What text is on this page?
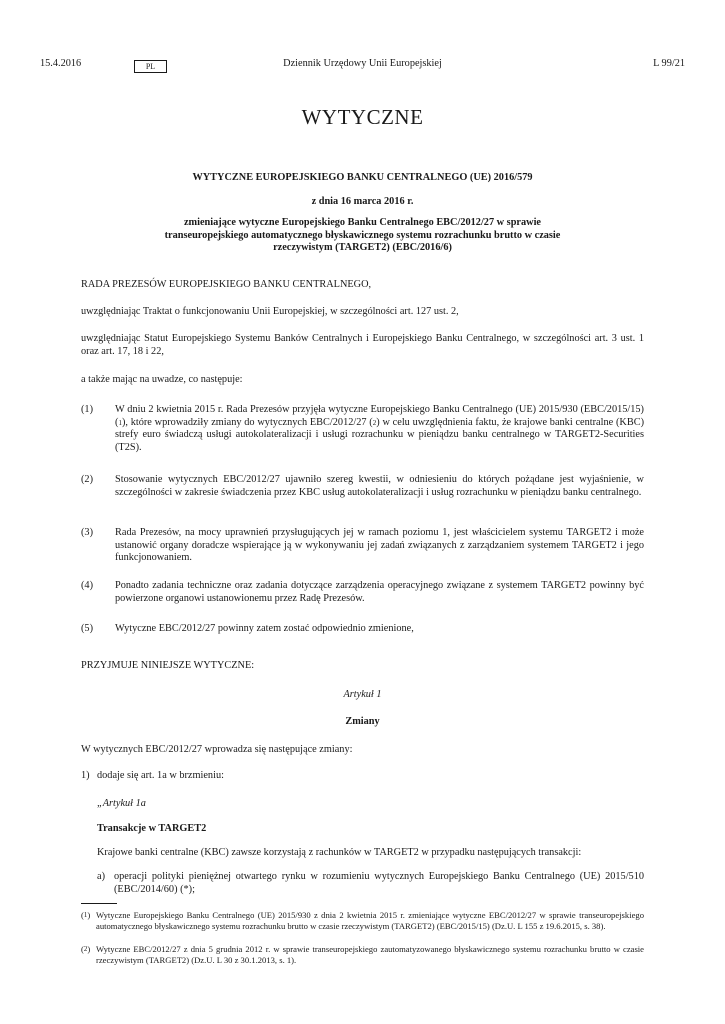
15.4.2016	PL	Dziennik Urzędowy Unii Europejskiej	L 99/21
WYTYCZNE
WYTYCZNE EUROPEJSKIEGO BANKU CENTRALNEGO (UE) 2016/579
z dnia 16 marca 2016 r.
zmieniające wytyczne Europejskiego Banku Centralnego EBC/2012/27 w sprawie
transeuropejskiego automatycznego błyskawicznego systemu rozrachunku brutto w czasie
rzeczywistym (TARGET2) (EBC/2016/6)
RADA PREZESÓW EUROPEJSKIEGO BANKU CENTRALNEGO,
uwzględniając Traktat o funkcjonowaniu Unii Europejskiej, w szczególności art. 127 ust. 2,
uwzględniając Statut Europejskiego Systemu Banków Centralnych i Europejskiego Banku Centralnego, w szczególności art. 3 ust. 1 oraz art. 17, 18 i 22,
a także mając na uwadze, co następuje:
(1) W dniu 2 kwietnia 2015 r. Rada Prezesów przyjęła wytyczne Europejskiego Banku Centralnego (UE) 2015/930 (EBC/2015/15) ($^1$), które wprowadziły zmiany do wytycznych EBC/2012/27 ($^2$) w celu uwzględnienia faktu, że krajowe banki centralne (KBC) strefy euro świadczą usługi autokolateralizacji i usługi rozrachunku w pieniądzu banku centralnego w TARGET2-Securities (T2S).
(2) Stosowanie wytycznych EBC/2012/27 ujawniło szereg kwestii, w odniesieniu do których pożądane jest wyjaśnienie, w szczególności w zakresie świadczenia przez KBC usług autokolateralizacji i usług rozrachunku w pieniądzu banku centralnego.
(3) Rada Prezesów, na mocy uprawnień przysługujących jej w ramach poziomu 1, jest właścicielem systemu TARGET2 i może ustanowić organy doradcze wspierające ją w wykonywaniu jej zadań związanych z zarządzaniem systemem TARGET2 i jego funkcjonowaniem.
(4) Ponadto zadania techniczne oraz zadania dotyczące zarządzenia operacyjnego związane z systemem TARGET2 powinny być powierzone organowi ustanowionemu przez Radę Prezesów.
(5) Wytyczne EBC/2012/27 powinny zatem zostać odpowiednio zmienione,
PRZYJMUJE NINIEJSZE WYTYCZNE:
Artykuł 1
Zmiany
W wytycznych EBC/2012/27 wprowadza się następujące zmiany:
1) dodaje się art. 1a w brzmieniu:
„Artykuł 1a
Transakcje w TARGET2
Krajowe banki centralne (KBC) zawsze korzystają z rachunków w TARGET2 w przypadku następujących transakcji:
a) operacji polityki pieniężnej otwartego rynku w rozumieniu wytycznych Europejskiego Banku Centralnego (UE) 2015/510 (EBC/2014/60) (*);
($^1$) Wytyczne Europejskiego Banku Centralnego (UE) 2015/930 z dnia 2 kwietnia 2015 r. zmieniające wytyczne EBC/2012/27 w sprawie transeuropejskiego automatycznego błyskawicznego systemu rozrachunku brutto w czasie rzeczywistym (TARGET2) (EBC/2015/15) (Dz.U. L 155 z 19.6.2015, s. 38).
($^2$) Wytyczne EBC/2012/27 z dnia 5 grudnia 2012 r. w sprawie transeuropejskiego zautomatyzowanego błyskawicznego systemu rozrachunku brutto w czasie rzeczywistym (TARGET2) (Dz.U. L 30 z 30.1.2013, s. 1).
